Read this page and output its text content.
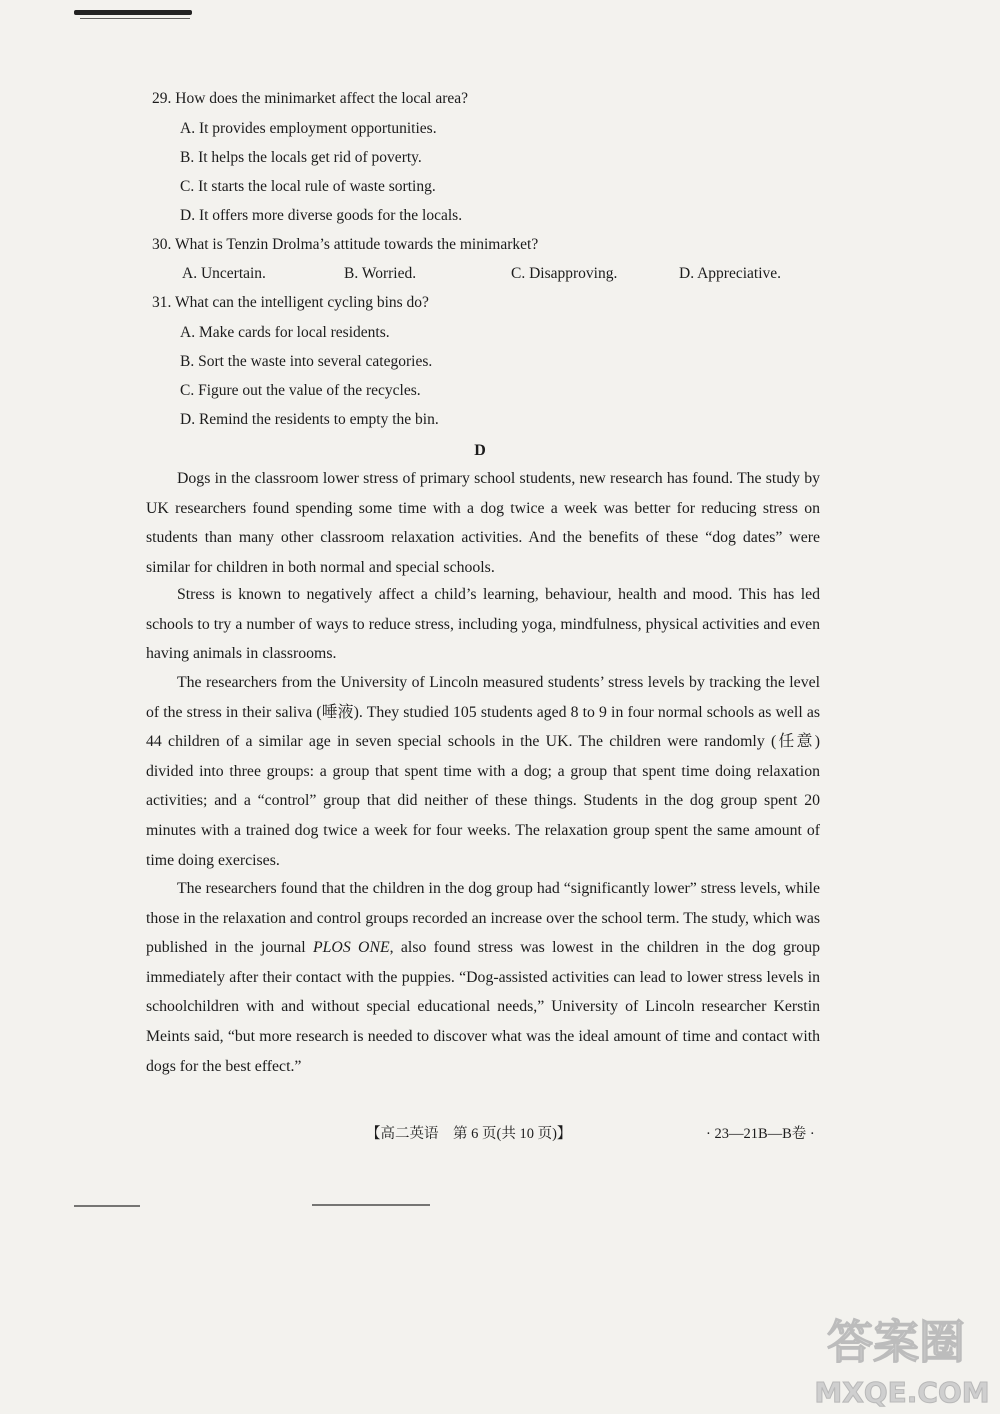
29. How does the minimarket affect the local area?
A. It provides employment opportunities.
B. It helps the locals get rid of poverty.
C. It starts the local rule of waste sorting.
D. It offers more diverse goods for the locals.
30. What is Tenzin Drolma’s attitude towards the minimarket?
A. Uncertain.	B. Worried.	C. Disapproving.	D. Appreciative.
31. What can the intelligent cycling bins do?
A. Make cards for local residents.
B. Sort the waste into several categories.
C. Figure out the value of the recycles.
D. Remind the residents to empty the bin.
D

Dogs in the classroom lower stress of primary school students, new research has found. The study by UK researchers found spending some time with a dog twice a week was better for reducing stress on students than many other classroom relaxation activities. And the benefits of these “dog dates” were similar for children in both normal and special schools.

Stress is known to negatively affect a child’s learning, behaviour, health and mood. This has led schools to try a number of ways to reduce stress, including yoga, mindfulness, physical activities and even having animals in classrooms.

The researchers from the University of Lincoln measured students’ stress levels by tracking the level of the stress in their saliva (唾液). They studied 105 students aged 8 to 9 in four normal schools as well as 44 children of a similar age in seven special schools in the UK. The children were randomly (任意) divided into three groups: a group that spent time with a dog; a group that spent time doing relaxation activities; and a “control” group that did neither of these things. Students in the dog group spent 20 minutes with a trained dog twice a week for four weeks. The relaxation group spent the same amount of time doing exercises.

The researchers found that the children in the dog group had “significantly lower” stress levels, while those in the relaxation and control groups recorded an increase over the school term. The study, which was published in the journal PLOS ONE, also found stress was lowest in the children in the dog group immediately after their contact with the puppies. “Dog-assisted activities can lead to lower stress levels in schoolchildren with and without special educational needs,” University of Lincoln researcher Kerstin Meints said, “but more research is needed to discover what was the ideal amount of time and contact with dogs for the best effect.”

【高二英语　第 6 页(共 10 页)】	· 23—21B—B卷 ·
答案圈
MXQE.COM
